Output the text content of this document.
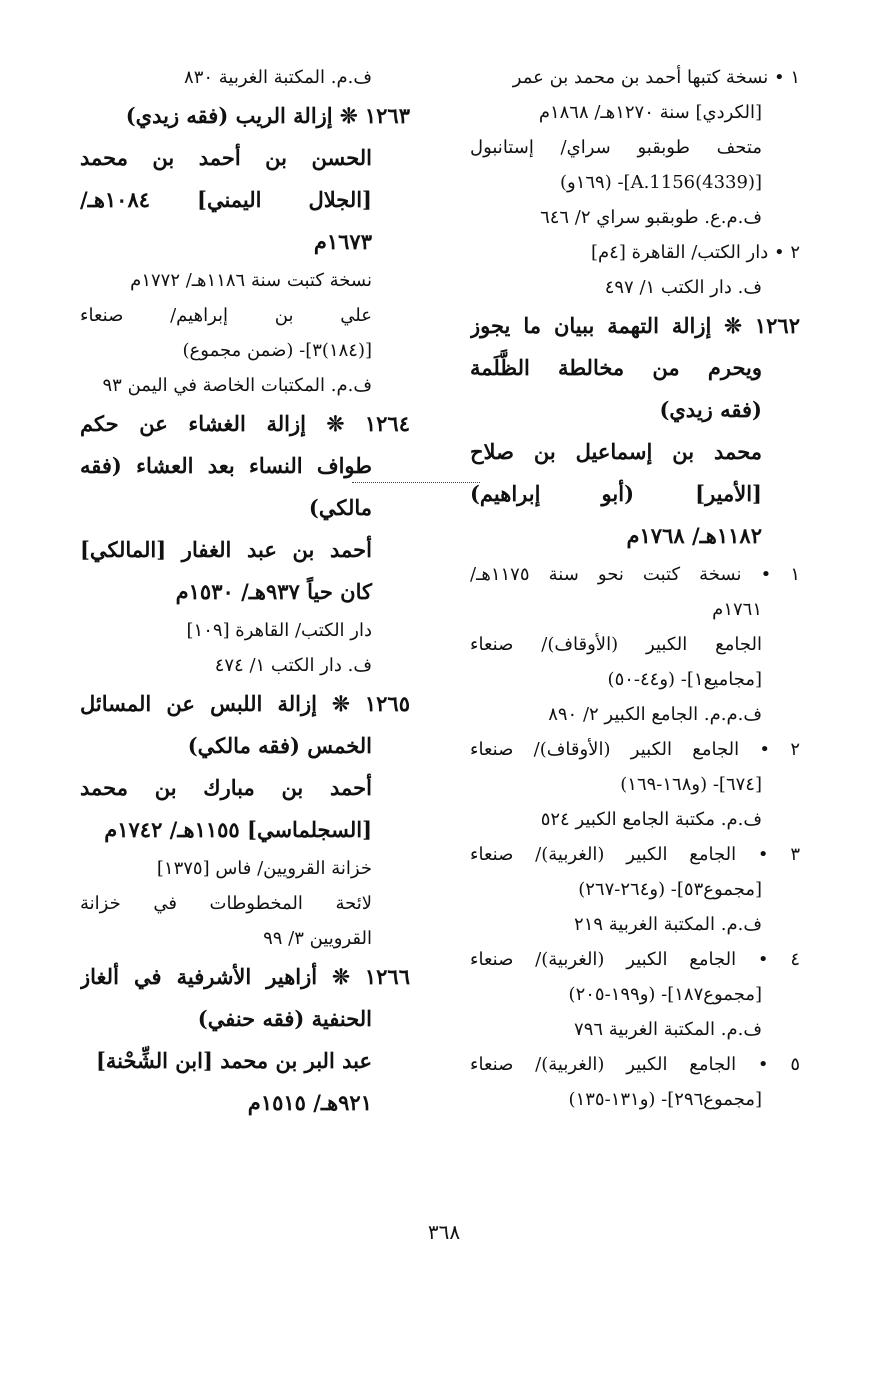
١ • نسخة كتبها أحمد بن محمد بن عمر
[الكردي] سنة ١٢٧٠هـ/ ١٨٦٨م
متحف طوبقبو سراي/ إستانبول
[A.1156(4339)]- (١٦٩و)
ف.م.ع. طوبقبو سراي ٢/ ٦٤٦
٢ • دار الكتب/ القاهرة [٤م]
ف. دار الكتب ١/ ٤٩٧
١٢٦٢ ❊ إزالة التهمة ببيان ما يجوز
ويحرم من مخالطة الظَّلَمة
(فقه زيدي)
محمد بن إسماعيل بن صلاح
[الأمير] (أبو إبراهيم)
١١٨٢هـ/ ١٧٦٨م
١ • نسخة كتبت نحو سنة ١١٧٥هـ/
١٧٦١م
الجامع الكبير (الأوقاف)/ صنعاء
[مجاميع١]- (و٤٤-٥٠)
ف.م.م. الجامع الكبير ٢/ ٨٩٠
٢ • الجامع الكبير (الأوقاف)/ صنعاء
[٦٧٤]- (و١٦٨-١٦٩)
ف.م. مكتبة الجامع الكبير ٥٢٤
٣ • الجامع الكبير (الغربية)/ صنعاء
[مجموع٥٣]- (و٢٦٤-٢٦٧)
ف.م. المكتبة الغربية ٢١٩
٤ • الجامع الكبير (الغربية)/ صنعاء
[مجموع١٨٧]- (و١٩٩-٢٠٥)
ف.م. المكتبة الغربية ٧٩٦
٥ • الجامع الكبير (الغربية)/ صنعاء
[مجموع٢٩٦]- (و١٣١-١٣٥)
ف.م. المكتبة الغربية ٨٣٠
١٢٦٣ ❊ إزالة الريب (فقه زيدي)
الحسن بن أحمد بن محمد
[الجلال اليمني] ١٠٨٤هـ/
١٦٧٣م
نسخة كتبت سنة ١١٨٦هـ/ ١٧٧٢م
علي بن إبراهيم/ صنعاء
[(١٨٤)٣]- (ضمن مجموع)
ف.م. المكتبات الخاصة في اليمن ٩٣
١٢٦٤ ❊ إزالة الغشاء عن حكم
طواف النساء بعد العشاء (فقه
مالكي)
أحمد بن عبد الغفار [المالكي]
كان حياً ٩٣٧هـ/ ١٥٣٠م
دار الكتب/ القاهرة [١٠٩]
ف. دار الكتب ١/ ٤٧٤
١٢٦٥ ❊ إزالة اللبس عن المسائل
الخمس (فقه مالكي)
أحمد بن مبارك بن محمد
[السجلماسي] ١١٥٥هـ/ ١٧٤٢م
خزانة القرويين/ فاس [١٣٧٥]
لائحة المخطوطات في خزانة
القرويين ٣/ ٩٩
١٢٦٦ ❊ أزاهير الأشرفية في ألغاز
الحنفية (فقه حنفي)
عبد البر بن محمد [ابن الشِّحْنة]
٩٢١هـ/ ١٥١٥م
٣٦٨
